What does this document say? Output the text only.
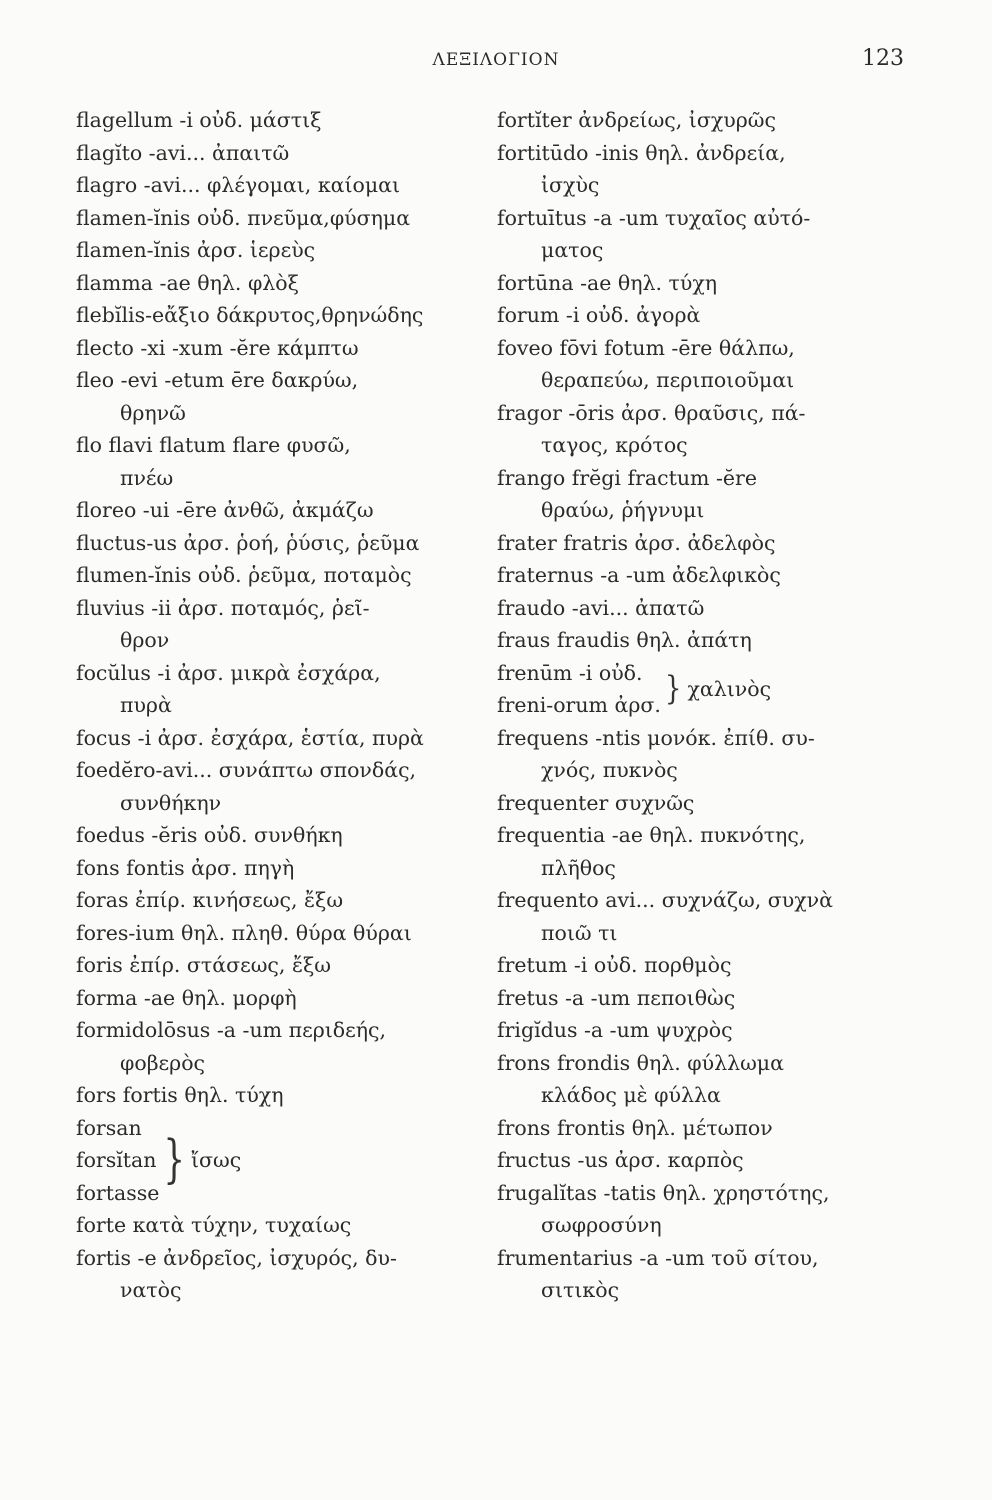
ΛΕΞΙΛΟΓΙΟΝ	123
flagellum -i οὐδ. μάστιξ
flagĭto -avi... ἀπαιτῶ
flagro -avi... φλέγομαι, καίομαι
flamen-ĭnis οὐδ. πνεῦμα,φύσημα
flamen-ĭnis ἀρσ. ἱερεὺς
flamma -ae θηλ. φλὸξ
flebĭlis-eἄξιο δάκρυτος,θρηνώδης
flecto -xi -xum -ĕre κάμπτω
fleo -evi -etum ēre δακρύω,
θρηνῶ
flo flavi flatum flare φυσῶ,
πνέω
floreo -ui -ēre ἀνθῶ, ἀκμάζω
fluctus-us ἀρσ. ῥοή, ῥύσις, ῥεῦμα
flumen-ĭnis οὐδ. ῥεῦμα, ποταμὸς
fluvius -ii ἀρσ. ποταμός, ῥεῖ-
θρον
focŭlus -i ἀρσ. μικρὰ ἐσχάρα,
πυρὰ
focus -i ἀρσ. ἐσχάρα, ἑστία, πυρὰ
foedĕro-avi... συνάπτω σπονδάς,
συνθήκην
foedus -ĕris οὐδ. συνθήκη
fons fontis ἀρσ. πηγὴ
foras ἐπίρ. κινήσεως, ἔξω
fores-ium θηλ. πληθ. θύρα θύραι
foris ἐπίρ. στάσεως, ἔξω
forma -ae θηλ. μορφὴ
formidolōsus -a -um περιδεής,
φοβερὸς
fors fortis θηλ. τύχη
forsan
forsĭtan
fortasse
} ἴσως
forte κατὰ τύχην, τυχαίως
fortis -e ἀνδρεῖος, ἰσχυρός, δυ-
νατὸς
fortĭter ἀνδρείως, ἰσχυρῶς
fortitūdo -inis θηλ. ἀνδρεία,
ἰσχὺς
fortuītus -a -um τυχαῖος αὐτό-
ματος
fortūna -ae θηλ. τύχη
forum -i οὐδ. ἀγορὰ
foveo fōvi fotum -ēre θάλπω,
θεραπεύω, περιποιοῦμαι
fragor -ōris ἀρσ. θραῦσις, πά-
ταγος, κρότος
frango frĕgi fractum -ĕre
θραύω, ῥήγνυμι
frater fratris ἀρσ. ἀδελφὸς
fraternus -a -um ἀδελφικὸς
fraudo -avi... ἀπατῶ
fraus fraudis θηλ. ἀπάτη
frenūm -i οὐδ.
freni-orum ἀρσ. } χαλινὸς
frequens -ntis μονόκ. ἐπίθ. συ-
χνός, πυκνὸς
frequenter συχνῶς
frequentia -ae θηλ. πυκνότης,
πλῆθος
frequento avi... συχνάζω, συχνὰ
ποιῶ τι
fretum -i οὐδ. πορθμὸς
fretus -a -um πεποιθὼς
frigĭdus -a -um ψυχρὸς
frons frondis θηλ. φύλλωμα
κλάδος μὲ φύλλα
frons frontis θηλ. μέτωπον
fructus -us ἀρσ. καρπὸς
frugalĭtas -tatis θηλ. χρηστότης,
σωφροσύνη
frumentarius -a -um τοῦ σίτου,
σιτικὸς
